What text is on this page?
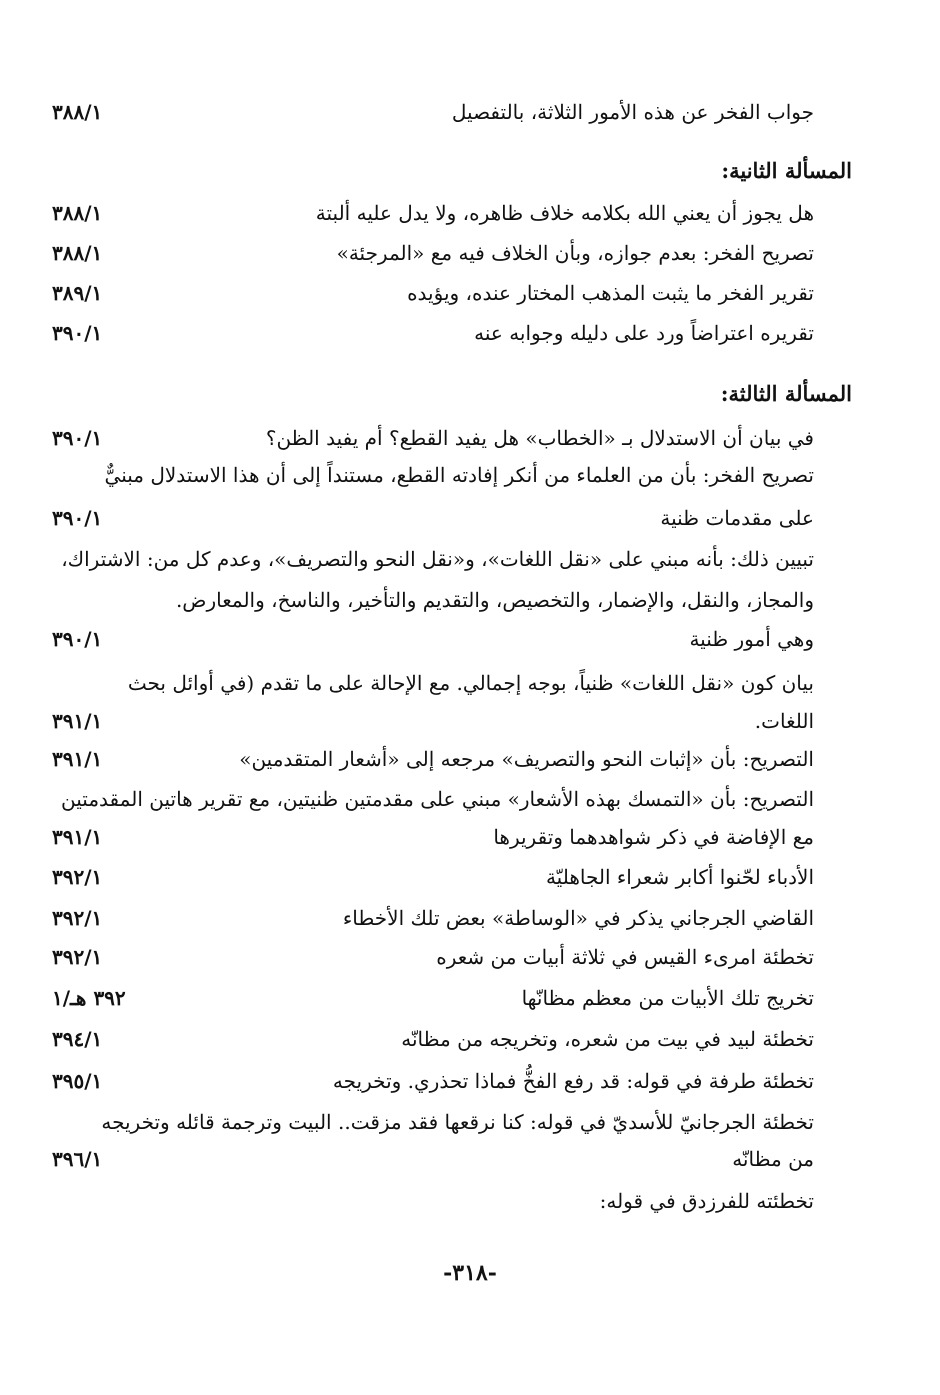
جواب الفخر عن هذه الأمور الثلاثة، بالتفصيل
٣٨٨/١
المسألة الثانية:
هل يجوز أن يعني الله بكلامه خلاف ظاهره، ولا يدل عليه ألبتة
٣٨٨/١
تصريح الفخر: بعدم جوازه، وبأن الخلاف فيه مع «المرجئة»
٣٨٨/١
تقرير الفخر ما يثبت المذهب المختار عنده، ويؤيده
٣٨٩/١
تقريره اعتراضاً ورد على دليله وجوابه عنه
٣٩٠/١
المسألة الثالثة:
في بيان أن الاستدلال بـ «الخطاب» هل يفيد القطع؟ أم يفيد الظن؟
٣٩٠/١
تصريح الفخر: بأن من العلماء من أنكر إفادته القطع، مستنداً إلى أن هذا الاستدلال مبنيٌّ
على مقدمات ظنية
٣٩٠/١
تبيين ذلك: بأنه مبني على «نقل اللغات»، و«نقل النحو والتصريف»، وعدم كل من: الاشتراك،
والمجاز، والنقل، والإضمار، والتخصيص، والتقديم والتأخير، والناسخ، والمعارض.
وهي أمور ظنية
٣٩٠/١
بيان كون «نقل اللغات» ظنياً، بوجه إجمالي. مع الإحالة على ما تقدم (في أوائل بحث
اللغات.
٣٩١/١
التصريح: بأن «إثبات النحو والتصريف» مرجعه إلى «أشعار المتقدمين»
٣٩١/١
التصريح: بأن «التمسك بهذه الأشعار» مبني على مقدمتين ظنيتين، مع تقرير هاتين المقدمتين
مع الإفاضة في ذكر شواهدهما وتقريرها
٣٩١/١
الأدباء لحّنوا أكابر شعراء الجاهليّة
٣٩٢/١
القاضي الجرجاني يذكر في «الوساطة» بعض تلك الأخطاء
٣٩٢/١
تخطئة امرىء القيس في ثلاثة أبيات من شعره
٣٩٢/١
تخريج تلك الأبيات من معظم مظانّها
٣٩٢ هـ/١
تخطئة لبيد في بيت من شعره، وتخريجه من مظانّه
٣٩٤/١
تخطئة طرفة في قوله: قد رفع الفخُّ فماذا تحذري. وتخريجه
٣٩٥/١
تخطئة الجرجانيّ للأسديّ في قوله: كنا نرقعها فقد مزقت.. البيت وترجمة قائله وتخريجه
من مظانّه
٣٩٦/١
تخطئته للفرزدق في قوله:
-٣١٨-
